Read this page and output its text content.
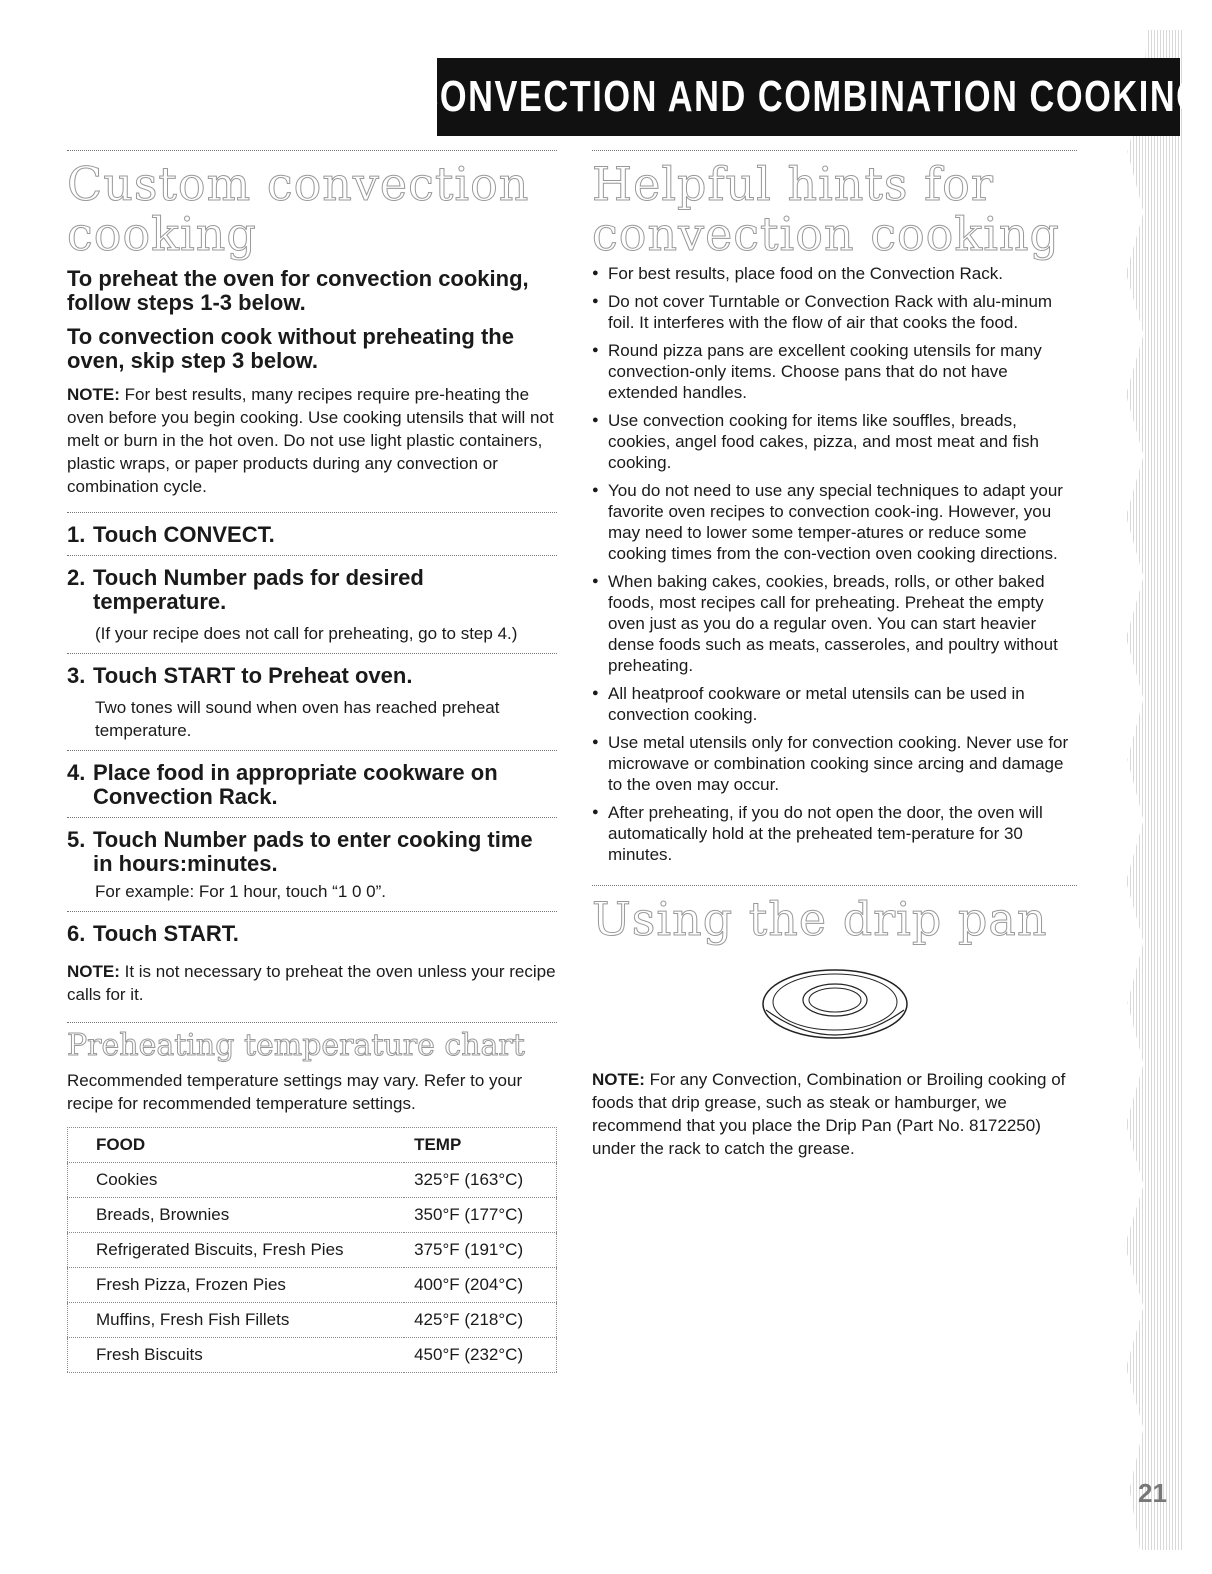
CONVECTION AND COMBINATION COOKING
Custom convection cooking
To preheat the oven for convection cooking, follow steps 1-3 below.
To convection cook without preheating the oven, skip step 3 below.

NOTE: For best results, many recipes require pre-heating the oven before you begin cooking. Use cooking utensils that will not melt or burn in the hot oven. Do not use light plastic containers, plastic wraps, or paper products during any convection or combination cycle.

1. Touch CONVECT.
2. Touch Number pads for desired temperature.
(If your recipe does not call for preheating, go to step 4.)
3. Touch START to Preheat oven.
Two tones will sound when oven has reached preheat temperature.
4. Place food in appropriate cookware on Convection Rack.
5. Touch Number pads to enter cooking time in hours:minutes.
For example: For 1 hour, touch “1 0 0”.
6. Touch START.

NOTE: It is not necessary to preheat the oven unless your recipe calls for it.

Preheating temperature chart

Recommended temperature settings may vary. Refer to your recipe for recommended temperature settings.

FOOD	TEMP
Cookies	325°F (163°C)
Breads, Brownies	350°F (177°C)
Refrigerated Biscuits, Fresh Pies	375°F (191°C)
Fresh Pizza, Frozen Pies	400°F (204°C)
Muffins, Fresh Fish Fillets	425°F (218°C)
Fresh Biscuits	450°F (232°C)
Helpful hints for convection cooking
● For best results, place food on the Convection Rack.
● Do not cover Turntable or Convection Rack with alu-minum foil. It interferes with the flow of air that cooks the food.
● Round pizza pans are excellent cooking utensils for many convection-only items. Choose pans that do not have extended handles.
● Use convection cooking for items like souffles, breads, cookies, angel food cakes, pizza, and most meat and fish cooking.
● You do not need to use any special techniques to adapt your favorite oven recipes to convection cook-ing. However, you may need to lower some temper-atures or reduce some cooking times from the con-vection oven cooking directions.
● When baking cakes, cookies, breads, rolls, or other baked foods, most recipes call for preheating. Preheat the empty oven just as you do a regular oven. You can start heavier dense foods such as meats, casseroles, and poultry without preheating.
● All heatproof cookware or metal utensils can be used in convection cooking.
● Use metal utensils only for convection cooking. Never use for microwave or combination cooking since arcing and damage to the oven may occur.
● After preheating, if you do not open the door, the oven will automatically hold at the preheated tem-perature for 30 minutes.
Using the drip pan

NOTE: For any Convection, Combination or Broiling cooking of foods that drip grease, such as steak or hamburger, we recommend that you place the Drip Pan (Part No. 8172250) under the rack to catch the grease.

21
